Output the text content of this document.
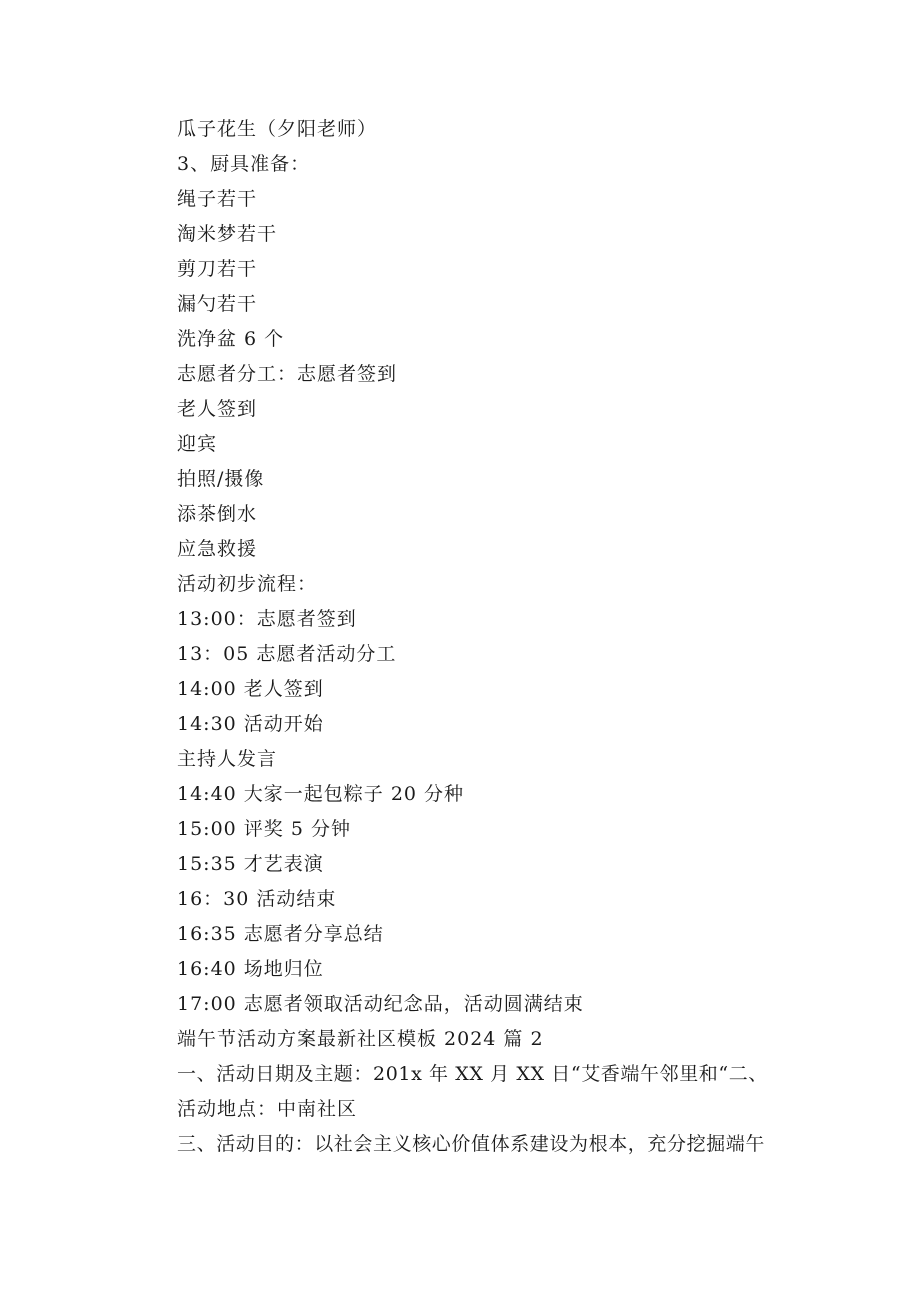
瓜子花生（夕阳老师）
3、厨具准备：
绳子若干
淘米梦若干
剪刀若干
漏勺若干
洗净盆 6 个
志愿者分工：志愿者签到
老人签到
迎宾
拍照/摄像
添茶倒水
应急救援
活动初步流程：
13:00：志愿者签到
13：05 志愿者活动分工
14:00 老人签到
14:30 活动开始
主持人发言
14:40 大家一起包粽子 20 分种
15:00 评奖 5 分钟
15:35 才艺表演
16：30 活动结束
16:35 志愿者分享总结
16:40 场地归位
17:00 志愿者领取活动纪念品，活动圆满结束
端午节活动方案最新社区模板 2024 篇 2
一、活动日期及主题：201x 年 XX 月 XX 日“艾香端午邻里和“二、
活动地点：中南社区
三、活动目的：以社会主义核心价值体系建设为根本，充分挖掘端午
